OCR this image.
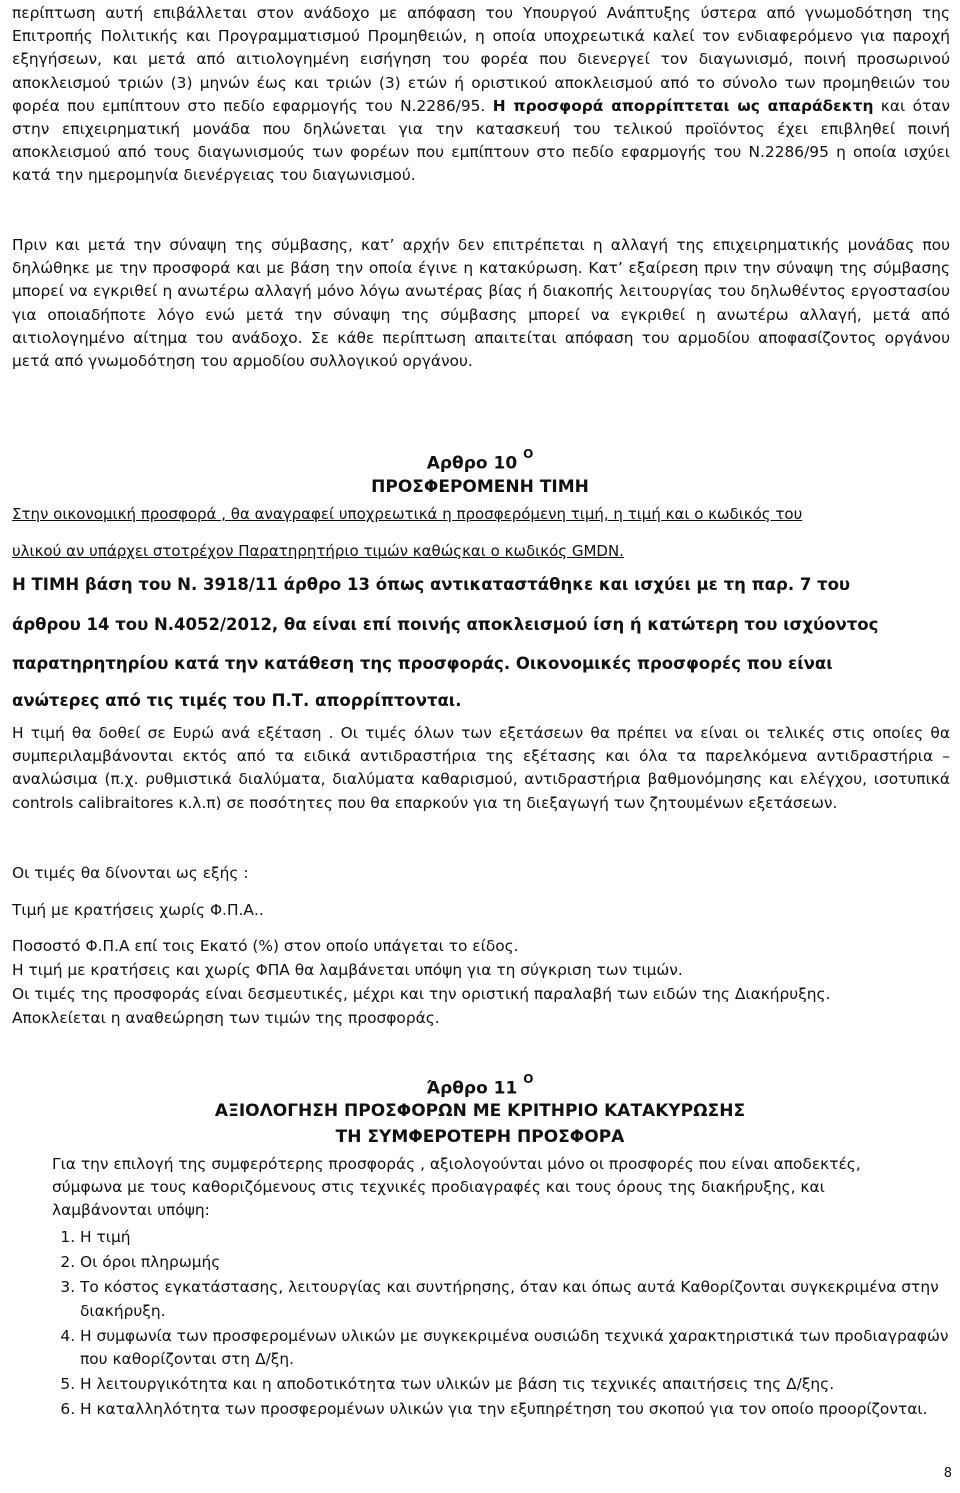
περίπτωση αυτή επιβάλλεται στον ανάδοχο με απόφαση του Υπουργού Ανάπτυξης ύστερα από γνωμοδότηση της Επιτροπής Πολιτικής και Προγραμματισμού Προμηθειών, η οποία υποχρεωτικά καλεί τον ενδιαφερόμενο για παροχή εξηγήσεων, και μετά από αιτιολογημένη εισήγηση του φορέα που διενεργεί τον διαγωνισμό, ποινή προσωρινού αποκλεισμού τριών (3) μηνών έως και τριών (3) ετών ή οριστικού αποκλεισμού από το σύνολο των προμηθειών του φορέα που εμπίπτουν στο πεδίο εφαρμογής του Ν.2286/95. Η προσφορά απορρίπτεται ως απαράδεκτη και όταν στην επιχειρηματική μονάδα που δηλώνεται για την κατασκευή του τελικού προϊόντος έχει επιβληθεί ποινή αποκλεισμού από τους διαγωνισμούς των φορέων που εμπίπτουν στο πεδίο εφαρμογής του Ν.2286/95 η οποία ισχύει κατά την ημερομηνία διενέργειας του διαγωνισμού.

Πριν και μετά την σύναψη της σύμβασης, κατ’ αρχήν δεν επιτρέπεται η αλλαγή της επιχειρηματικής μονάδας που δηλώθηκε με την προσφορά και με βάση την οποία έγινε η κατακύρωση. Κατ’ εξαίρεση πριν την σύναψη της σύμβασης μπορεί να εγκριθεί η ανωτέρω αλλαγή μόνο λόγω ανωτέρας βίας ή διακοπής λειτουργίας του δηλωθέντος εργοστασίου για οποιαδήποτε λόγο ενώ μετά την σύναψη της σύμβασης μπορεί να εγκριθεί η ανωτέρω αλλαγή, μετά από αιτιολογημένο αίτημα του ανάδοχο. Σε κάθε περίπτωση απαιτείται απόφαση του αρμοδίου αποφασίζοντος οργάνου μετά από γνωμοδότηση του αρμοδίου συλλογικού οργάνου.

Αρθρο 10 $^O$
ΠΡΟΣΦΕΡΟΜΕΝΗ ΤΙΜΗ

Στην οικονομική προσφορά , θα αναγραφεί υποχρεωτικά η προσφερόμενη τιμή, η τιμή και ο κωδικός του

υλικού αν υπάρχει στοτρέχον Παρατηρητήριο τιμών καθώςκαι ο κωδικός GMDN.

Η ΤΙΜΗ βάση του Ν. 3918/11 άρθρο 13 όπως αντικαταστάθηκε και ισχύει με τη παρ. 7 του

άρθρου 14 του Ν.4052/2012, θα είναι επί ποινής αποκλεισμού ίση ή κατώτερη του ισχύοντος

παρατηρητηρίου κατά την κατάθεση της προσφοράς. Οικονομικές προσφορές που είναι

ανώτερες από τις τιμές του Π.Τ. απορρίπτονται.

Η τιμή θα δοθεί σε Ευρώ ανά εξέταση . Οι τιμές όλων των εξετάσεων θα πρέπει να είναι οι τελικές στις οποίες θα συμπεριλαμβάνονται εκτός από τα ειδικά αντιδραστήρια της εξέτασης και όλα τα παρελκόμενα αντιδραστήρια –αναλώσιμα (π.χ. ρυθμιστικά διαλύματα, διαλύματα καθαρισμού, αντιδραστήρια βαθμονόμησης και ελέγχου, ισοτυπικά controls calibraitores κ.λ.π) σε ποσότητες που θα επαρκούν για τη διεξαγωγή των ζητουμένων εξετάσεων.

Οι τιμές θα δίνονται ως εξής :

Τιμή με κρατήσεις χωρίς Φ.Π.Α..

Ποσοστό Φ.Π.Α επί τοις Εκατό (%) στον οποίο υπάγεται το είδος.

Η τιμή με κρατήσεις και χωρίς ΦΠΑ θα λαμβάνεται υπόψη για τη σύγκριση των τιμών.

Οι τιμές της προσφοράς είναι δεσμευτικές, μέχρι και την οριστική παραλαβή των ειδών της Διακήρυξης.

Αποκλείεται η αναθεώρηση των τιμών της προσφοράς.

Άρθρο 11 $^O$
ΑΞΙΟΛΟΓΗΣΗ ΠΡΟΣΦΟΡΩΝ ΜΕ ΚΡΙΤΗΡΙΟ ΚΑΤΑΚΥΡΩΣΗΣ
ΤΗ ΣΥΜΦΕΡΟΤΕΡΗ ΠΡΟΣΦΟΡΑ

Για την επιλογή της συμφερότερης προσφοράς , αξιολογούνται μόνο οι προσφορές που είναι αποδεκτές, σύμφωνα με τους καθοριζόμενους στις τεχνικές προδιαγραφές και τους όρους της διακήρυξης, και λαμβάνονται υπόψη:

1. Η τιμή
2. Οι όροι πληρωμής
3. Το κόστος εγκατάστασης, λειτουργίας και συντήρησης, όταν και όπως αυτά Καθορίζονται συγκεκριμένα στην διακήρυξη.
4. Η συμφωνία των προσφερομένων υλικών με συγκεκριμένα ουσιώδη τεχνικά χαρακτηριστικά των προδιαγραφών που καθορίζονται στη Δ/ξη.
5. Η λειτουργικότητα και η αποδοτικότητα των υλικών με βάση τις τεχνικές απαιτήσεις της Δ/ξης.
6. Η καταλληλότητα των προσφερομένων υλικών για την εξυπηρέτηση του σκοπού για τον οποίο προορίζονται.
8
